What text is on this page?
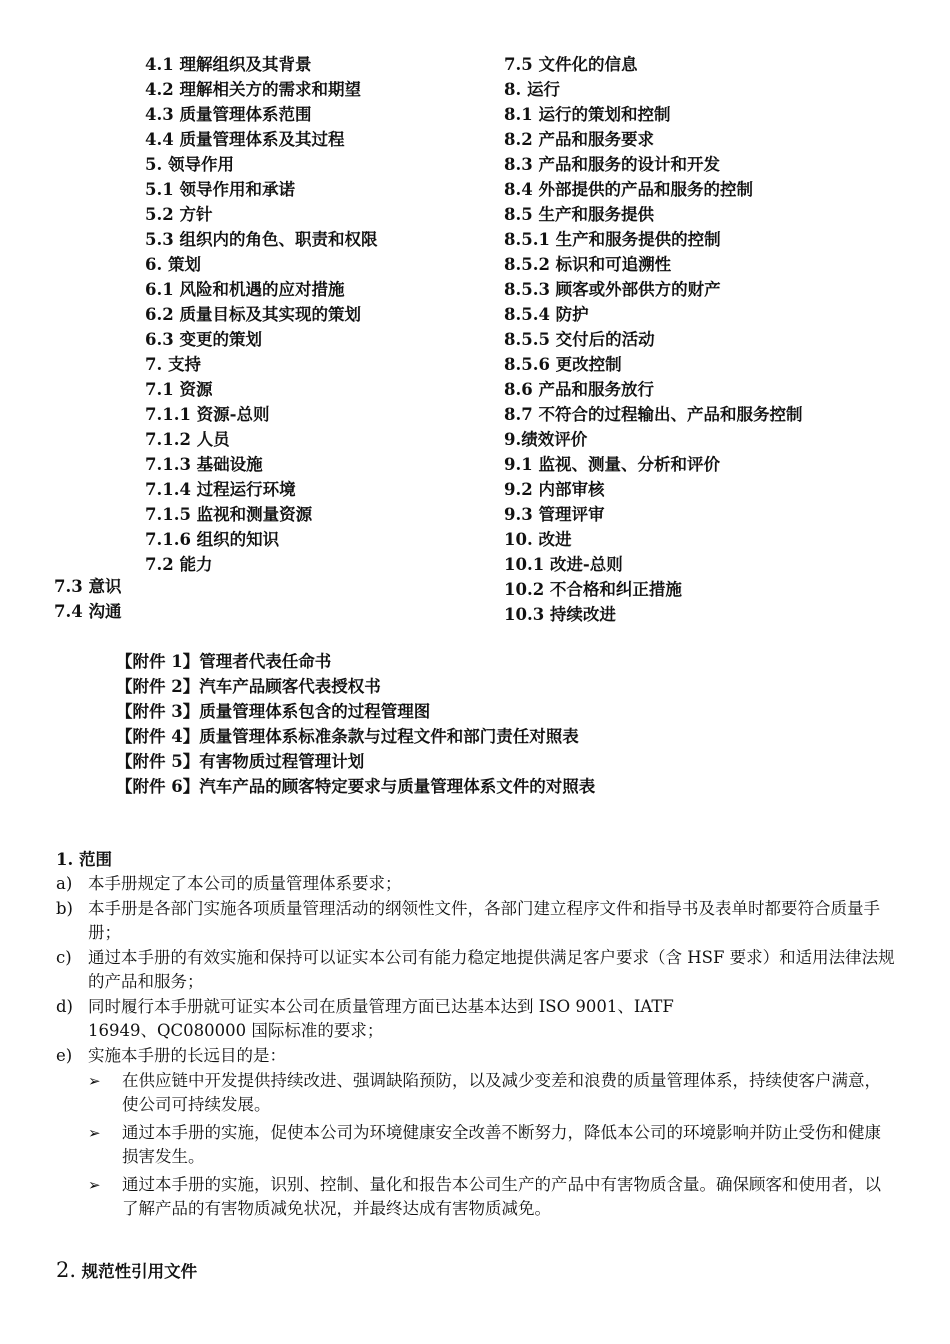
4.1 理解组织及其背景
4.2 理解相关方的需求和期望
4.3 质量管理体系范围
4.4 质量管理体系及其过程
5. 领导作用
5.1 领导作用和承诺
5.2 方针
5.3 组织内的角色、职责和权限
6. 策划
6.1 风险和机遇的应对措施
6.2 质量目标及其实现的策划
6.3 变更的策划
7. 支持
7.1 资源
7.1.1 资源-总则
7.1.2 人员
7.1.3 基础设施
7.1.4 过程运行环境
7.1.5 监视和测量资源
7.1.6 组织的知识
7.2 能力
7.3 意识
7.4 沟通
7.5 文件化的信息
8. 运行
8.1 运行的策划和控制
8.2 产品和服务要求
8.3 产品和服务的设计和开发
8.4 外部提供的产品和服务的控制
8.5 生产和服务提供
8.5.1 生产和服务提供的控制
8.5.2 标识和可追溯性
8.5.3 顾客或外部供方的财产
8.5.4 防护
8.5.5 交付后的活动
8.5.6 更改控制
8.6 产品和服务放行
8.7 不符合的过程输出、产品和服务控制
9.绩效评价
9.1 监视、测量、分析和评价
9.2 内部审核
9.3 管理评审
10. 改进
10.1 改进-总则
10.2 不合格和纠正措施
10.3 持续改进
【附件 1】管理者代表任命书
【附件 2】汽车产品顾客代表授权书
【附件 3】质量管理体系包含的过程管理图
【附件 4】质量管理体系标准条款与过程文件和部门责任对照表
【附件 5】有害物质过程管理计划
【附件 6】汽车产品的顾客特定要求与质量管理体系文件的对照表
1. 范围
a) 本手册规定了本公司的质量管理体系要求；
b) 本手册是各部门实施各项质量管理活动的纲领性文件，各部门建立程序文件和指导书及表单时都要符合质量手册；
c) 通过本手册的有效实施和保持可以证实本公司有能力稳定地提供满足客户要求（含 HSF 要求）和适用法律法规的产品和服务；
d) 同时履行本手册就可证实本公司在质量管理方面已达基本达到 ISO 9001、IATF 16949、QC080000 国际标准的要求；
e) 实施本手册的长远目的是：
➢ 在供应链中开发提供持续改进、强调缺陷预防，以及减少变差和浪费的质量管理体系，持续使客户满意，使公司可持续发展。
➢ 通过本手册的实施，促使本公司为环境健康安全改善不断努力，降低本公司的环境影响并防止受伤和健康损害发生。
➢ 通过本手册的实施，识别、控制、量化和报告本公司生产的产品中有害物质含量。确保顾客和使用者，以了解产品的有害物质减免状况，并最终达成有害物质减免。
2. 规范性引用文件
